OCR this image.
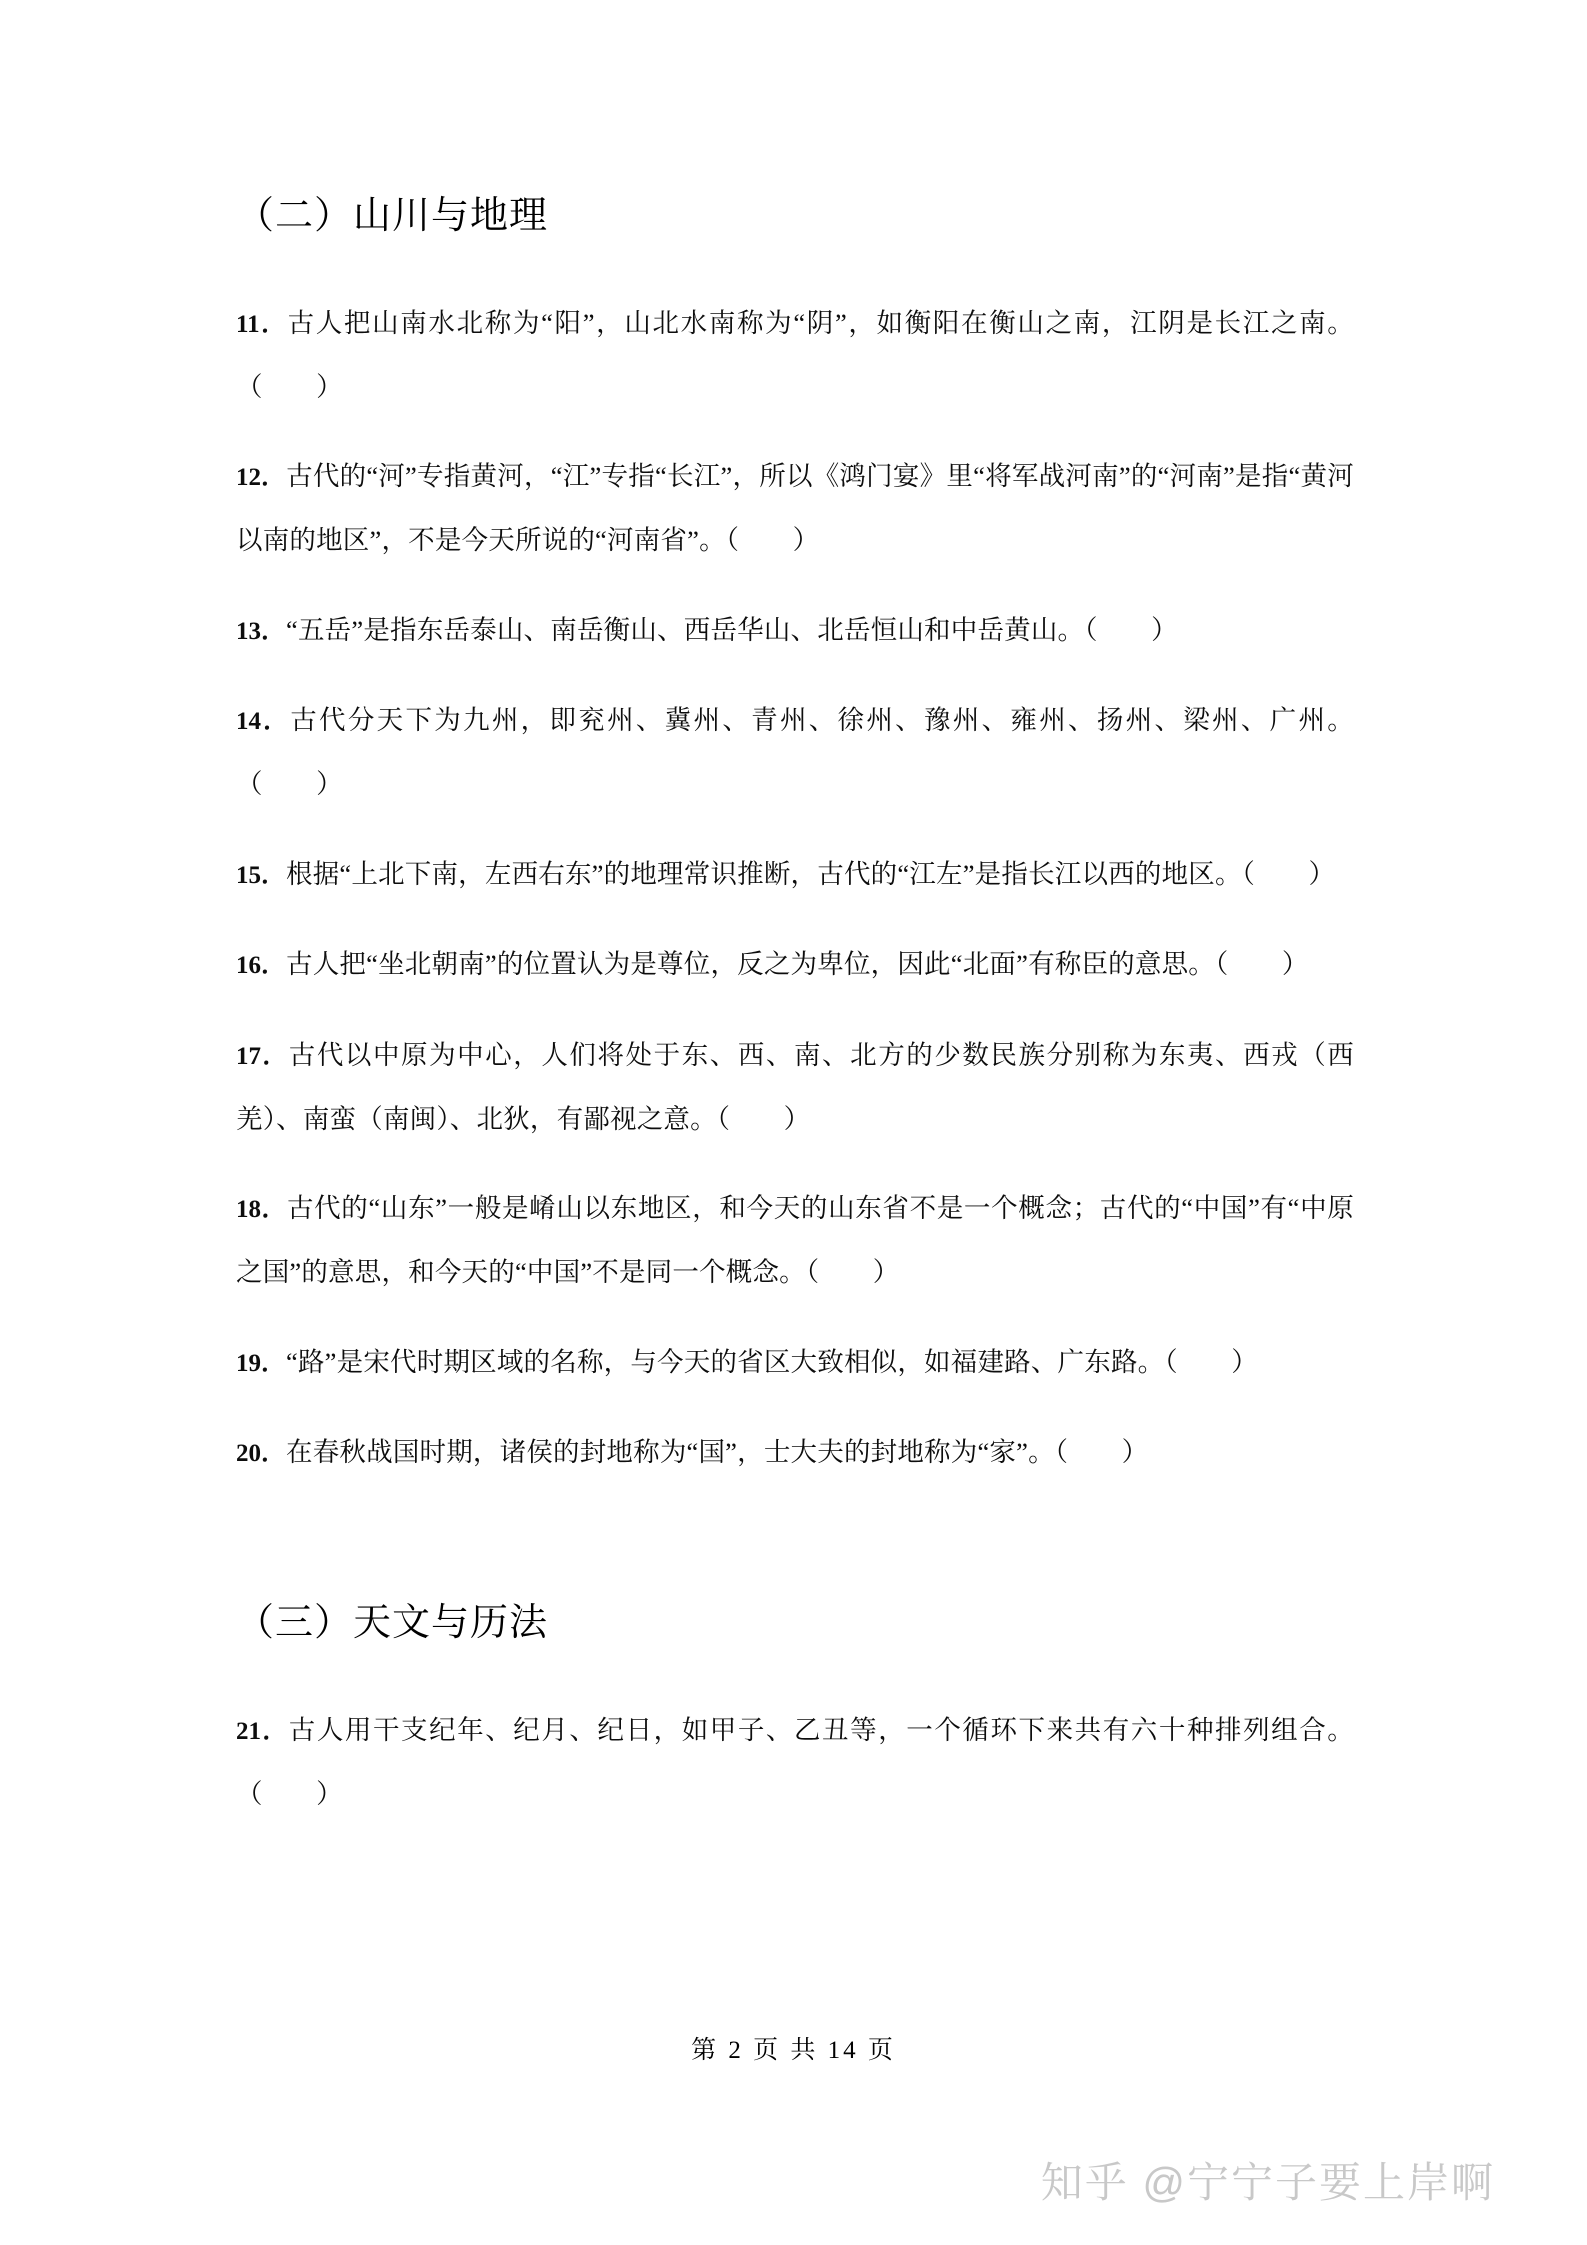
（二）山川与地理

11．古人把山南水北称为“阳”，山北水南称为“阴”，如衡阳在衡山之南，江阴是长江之南。（　　）

12．古代的“河”专指黄河，“江”专指“长江”，所以《鸿门宴》里“将军战河南”的“河南”是指“黄河以南的地区”，不是今天所说的“河南省”。（　　）

13．“五岳”是指东岳泰山、南岳衡山、西岳华山、北岳恒山和中岳黄山。（　　）

14．古代分天下为九州，即兖州、冀州、青州、徐州、豫州、雍州、扬州、梁州、广州。（　　）

15．根据“上北下南，左西右东”的地理常识推断，古代的“江左”是指长江以西的地区。（　　）

16．古人把“坐北朝南”的位置认为是尊位，反之为卑位，因此“北面”有称臣的意思。（　　）

17．古代以中原为中心，人们将处于东、西、南、北方的少数民族分别称为东夷、西戎（西羌）、南蛮（南闽）、北狄，有鄙视之意。（　　）

18．古代的“山东”一般是崤山以东地区，和今天的山东省不是一个概念；古代的“中国”有“中原之国”的意思，和今天的“中国”不是同一个概念。（　　）

19．“路”是宋代时期区域的名称，与今天的省区大致相似，如福建路、广东路。（　　）

20．在春秋战国时期，诸侯的封地称为“国”，士大夫的封地称为“家”。（　　）

（三）天文与历法

21．古人用干支纪年、纪月、纪日，如甲子、乙丑等，一个循环下来共有六十种排列组合。（　　）

第 2 页 共 14 页
知乎 @宁宁子要上岸啊
